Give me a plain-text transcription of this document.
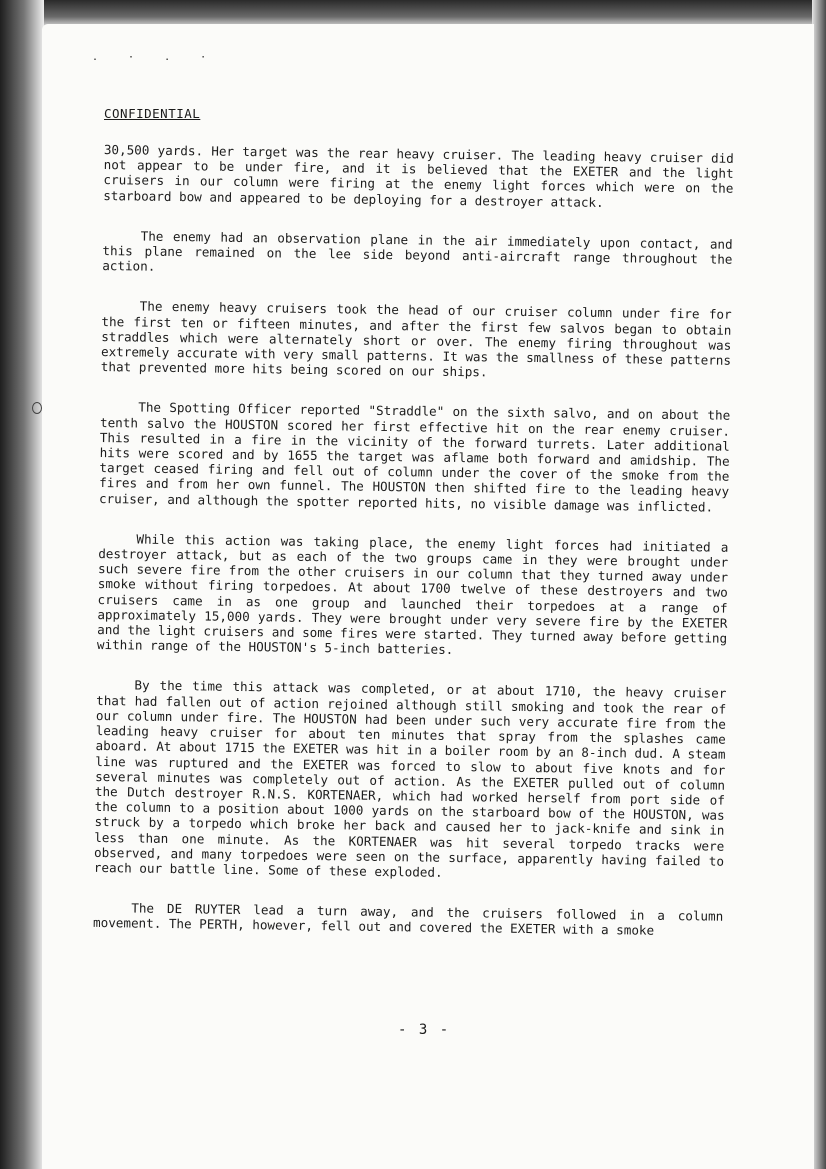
. · . ·
CONFIDENTIAL

30,500 yards. Her target was the rear heavy cruiser. The leading heavy cruiser did not appear to be under fire, and it is believed that the EXETER and the light cruisers in our column were firing at the enemy light forces which were on the starboard bow and appeared to be deploying for a destroyer attack.

The enemy had an observation plane in the air immediately upon contact, and this plane remained on the lee side beyond anti-aircraft range throughout the action.

The enemy heavy cruisers took the head of our cruiser column under fire for the first ten or fifteen minutes, and after the first few salvos began to obtain straddles which were alternately short or over. The enemy firing throughout was extremely accurate with very small patterns. It was the smallness of these patterns that prevented more hits being scored on our ships.

The Spotting Officer reported "Straddle" on the sixth salvo, and on about the tenth salvo the HOUSTON scored her first effective hit on the rear enemy cruiser. This resulted in a fire in the vicinity of the forward turrets. Later additional hits were scored and by 1655 the target was aflame both forward and amidship. The target ceased firing and fell out of column under the cover of the smoke from the fires and from her own funnel. The HOUSTON then shifted fire to the leading heavy cruiser, and although the spotter reported hits, no visible damage was inflicted.

While this action was taking place, the enemy light forces had initiated a destroyer attack, but as each of the two groups came in they were brought under such severe fire from the other cruisers in our column that they turned away under smoke without firing torpedoes. At about 1700 twelve of these destroyers and two cruisers came in as one group and launched their torpedoes at a range of approximately 15,000 yards. They were brought under very severe fire by the EXETER and the light cruisers and some fires were started. They turned away before getting within range of the HOUSTON's 5-inch batteries.

By the time this attack was completed, or at about 1710, the heavy cruiser that had fallen out of action rejoined although still smoking and took the rear of our column under fire. The HOUSTON had been under such very accurate fire from the leading heavy cruiser for about ten minutes that spray from the splashes came aboard. At about 1715 the EXETER was hit in a boiler room by an 8-inch dud. A steam line was ruptured and the EXETER was forced to slow to about five knots and for several minutes was completely out of action. As the EXETER pulled out of column the Dutch destroyer R.N.S. KORTENAER, which had worked herself from port side of the column to a position about 1000 yards on the starboard bow of the HOUSTON, was struck by a torpedo which broke her back and caused her to jack-knife and sink in less than one minute. As the KORTENAER was hit several torpedo tracks were observed, and many torpedoes were seen on the surface, apparently having failed to reach our battle line. Some of these exploded.

The DE RUYTER lead a turn away, and the cruisers followed in a column movement. The PERTH, however, fell out and covered the EXETER with a smoke

- 3 -
